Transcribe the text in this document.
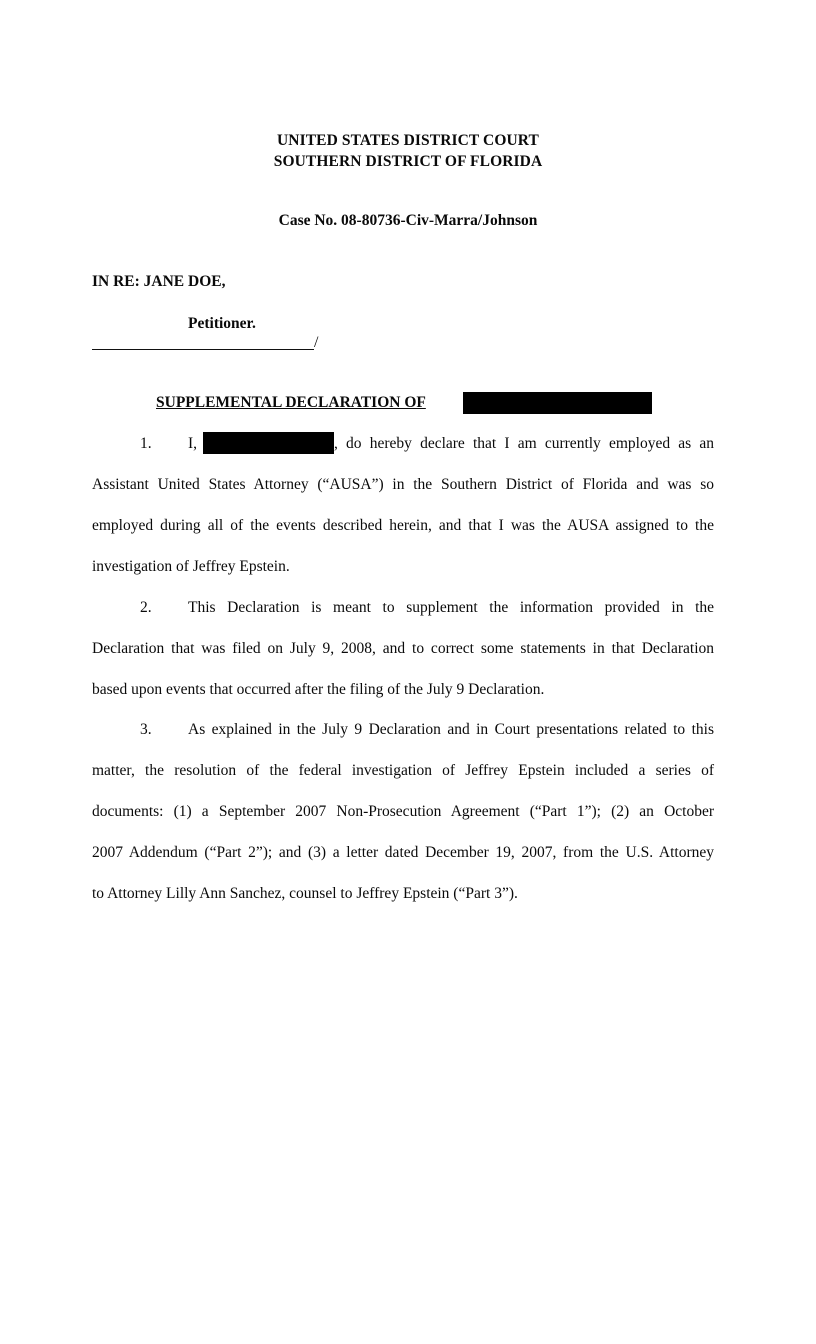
UNITED STATES DISTRICT COURT
SOUTHERN DISTRICT OF FLORIDA
Case No. 08-80736-Civ-Marra/Johnson
IN RE: JANE DOE,
Petitioner.
/
SUPPLEMENTAL DECLARATION OF
1. I,	, do hereby declare that I am currently employed as an
Assistant United States Attorney (“AUSA”) in the Southern District of Florida and was so
employed during all of the events described herein, and that I was the AUSA assigned to the
investigation of Jeffrey Epstein.
2. This Declaration is meant to supplement the information provided in the
Declaration that was filed on July 9, 2008, and to correct some statements in that Declaration
based upon events that occurred after the filing of the July 9 Declaration.
3. As explained in the July 9 Declaration and in Court presentations related to this
matter, the resolution of the federal investigation of Jeffrey Epstein included a series of
documents: (1) a September 2007 Non-Prosecution Agreement (“Part 1”); (2) an October
2007 Addendum (“Part 2”); and (3) a letter dated December 19, 2007, from the U.S. Attorney
to Attorney Lilly Ann Sanchez, counsel to Jeffrey Epstein (“Part 3”).
